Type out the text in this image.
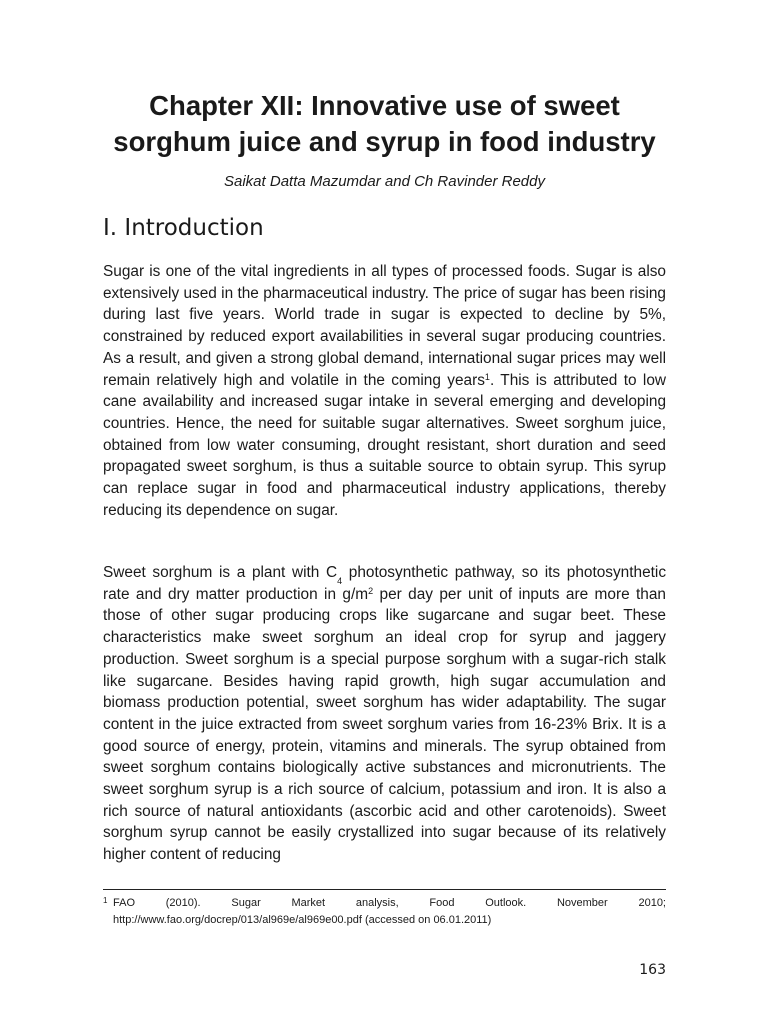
Chapter XII: Innovative use of sweet
sorghum juice and syrup in food industry

Saikat Datta Mazumdar and Ch Ravinder Reddy

I. Introduction

Sugar is one of the vital ingredients in all types of processed foods. Sugar is also extensively used in the pharmaceutical industry. The price of sugar has been rising during last five years. World trade in sugar is expected to decline by 5%, constrained by reduced export availabilities in several sugar producing countries. As a result, and given a strong global demand, international sugar prices may well remain relatively high and volatile in the coming years$^1$. This is attributed to low cane availability and increased sugar intake in several emerging and developing countries. Hence, the need for suitable sugar alternatives. Sweet sorghum juice, obtained from low water consuming, drought resistant, short duration and seed propagated sweet sorghum, is thus a suitable source to obtain syrup. This syrup can replace sugar in food and pharmaceutical industry applications, thereby reducing its dependence on sugar.

Sweet sorghum is a plant with $C_4$ photosynthetic pathway, so its photosynthetic rate and dry matter production in $g/m^2$ per day per unit of inputs are more than those of other sugar producing crops like sugarcane and sugar beet. These characteristics make sweet sorghum an ideal crop for syrup and jaggery production. Sweet sorghum is a special purpose sorghum with a sugar-rich stalk like sugarcane. Besides having rapid growth, high sugar accumulation and biomass production potential, sweet sorghum has wider adaptability. The sugar content in the juice extracted from sweet sorghum varies from 16-23% Brix. It is a good source of energy, protein, vitamins and minerals. The syrup obtained from sweet sorghum contains biologically active substances and micronutrients. The sweet sorghum syrup is a rich source of calcium, potassium and iron. It is also a rich source of natural antioxidants (ascorbic acid and other carotenoids). Sweet sorghum syrup cannot be easily crystallized into sugar because of its relatively higher content of reducing

1 FAO (2010). Sugar Market analysis, Food Outlook. November 2010; http://www.fao.org/docrep/013/al969e/al969e00.pdf (accessed on 06.01.2011)

163
